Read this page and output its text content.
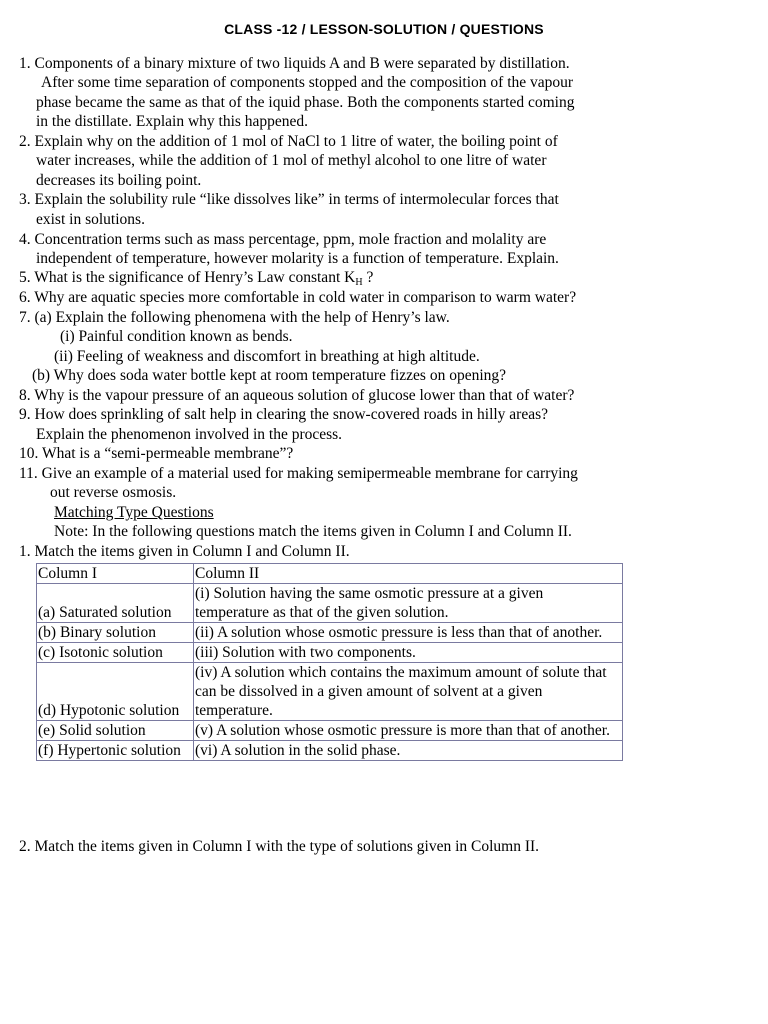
CLASS -12 / LESSON-SOLUTION / QUESTIONS
1. Components of a binary mixture of two liquids A and B were separated by distillation.
After some time separation of components stopped and the composition of the vapour
phase became the same as that of the iquid phase. Both the components started coming
in the distillate. Explain why this happened.
2. Explain why on the addition of 1 mol of NaCl to 1 litre of water, the boiling point of
water increases, while the addition of 1 mol of methyl alcohol to one litre of water
decreases its boiling point.
3. Explain the solubility rule “like dissolves like” in terms of intermolecular forces that
exist in solutions.
4. Concentration terms such as mass percentage, ppm, mole fraction and molality are
independent of temperature, however molarity is a function of temperature. Explain.
5. What is the significance of Henry’s Law constant $K_H$ ?
6. Why are aquatic species more comfortable in cold water in comparison to warm water?
7. (a) Explain the following phenomena with the help of Henry’s law.
(i) Painful condition known as bends.
(ii) Feeling of weakness and discomfort in breathing at high altitude.
(b) Why does soda water bottle kept at room temperature fizzes on opening?
8. Why is the vapour pressure of an aqueous solution of glucose lower than that of water?
9. How does sprinkling of salt help in clearing the snow-covered roads in hilly areas?
Explain the phenomenon involved in the process.
10. What is a “semi-permeable membrane”?
11. Give an example of a material used for making semipermeable membrane for carrying
out reverse osmosis.
Matching Type Questions
Note: In the following questions match the items given in Column I and Column II.
1. Match the items given in Column I and Column II.
Column I	Column II
(a) Saturated solution	(i) Solution having the same osmotic pressure at a given temperature as that of the given solution.
(b) Binary solution	(ii) A solution whose osmotic pressure is less than that of another.
(c) Isotonic solution	(iii) Solution with two components.
(d) Hypotonic solution	(iv) A solution which contains the maximum amount of solute that can be dissolved in a given amount of solvent at a given temperature.
(e) Solid solution	(v) A solution whose osmotic pressure is more than that of another.
(f) Hypertonic solution	(vi) A solution in the solid phase.
2. Match the items given in Column I with the type of solutions given in Column II.
